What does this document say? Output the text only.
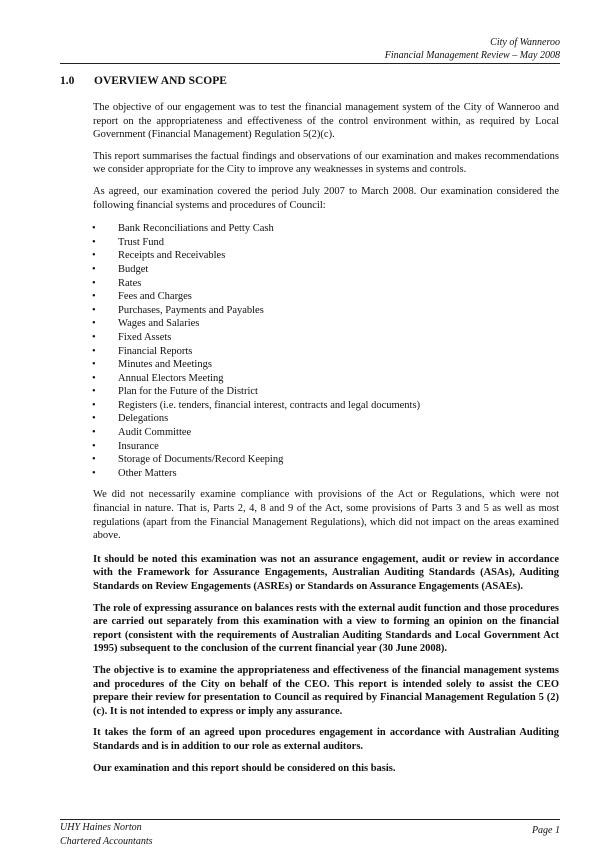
City of Wanneroo
Financial Management Review – May 2008
1.0 OVERVIEW AND SCOPE

The objective of our engagement was to test the financial management system of the City of Wanneroo and report on the appropriateness and effectiveness of the control environment within, as required by Local Government (Financial Management) Regulation 5(2)(c).

This report summarises the factual findings and observations of our examination and makes recommendations we consider appropriate for the City to improve any weaknesses in systems and controls.

As agreed, our examination covered the period July 2007 to March 2008. Our examination considered the following financial systems and procedures of Council:

• Bank Reconciliations and Petty Cash
• Trust Fund
• Receipts and Receivables
• Budget
• Rates
• Fees and Charges
• Purchases, Payments and Payables
• Wages and Salaries
• Fixed Assets
• Financial Reports
• Minutes and Meetings
• Annual Electors Meeting
• Plan for the Future of the District
• Registers (i.e. tenders, financial interest, contracts and legal documents)
• Delegations
• Audit Committee
• Insurance
• Storage of Documents/Record Keeping
• Other Matters

We did not necessarily examine compliance with provisions of the Act or Regulations, which were not financial in nature. That is, Parts 2, 4, 8 and 9 of the Act, some provisions of Parts 3 and 5 as well as most regulations (apart from the Financial Management Regulations), which did not impact on the areas examined above.

It should be noted this examination was not an assurance engagement, audit or review in accordance with the Framework for Assurance Engagements, Australian Auditing Standards (ASAs), Auditing Standards on Review Engagements (ASREs) or Standards on Assurance Engagements (ASAEs).

The role of expressing assurance on balances rests with the external audit function and those procedures are carried out separately from this examination with a view to forming an opinion on the financial report (consistent with the requirements of Australian Auditing Standards and Local Government Act 1995) subsequent to the conclusion of the current financial year (30 June 2008).

The objective is to examine the appropriateness and effectiveness of the financial management systems and procedures of the City on behalf of the CEO. This report is intended solely to assist the CEO prepare their review for presentation to Council as required by Financial Management Regulation 5 (2) (c). It is not intended to express or imply any assurance.

It takes the form of an agreed upon procedures engagement in accordance with Australian Auditing Standards and is in addition to our role as external auditors.

Our examination and this report should be considered on this basis.

UHY Haines Norton
Chartered Accountants
Page 1
